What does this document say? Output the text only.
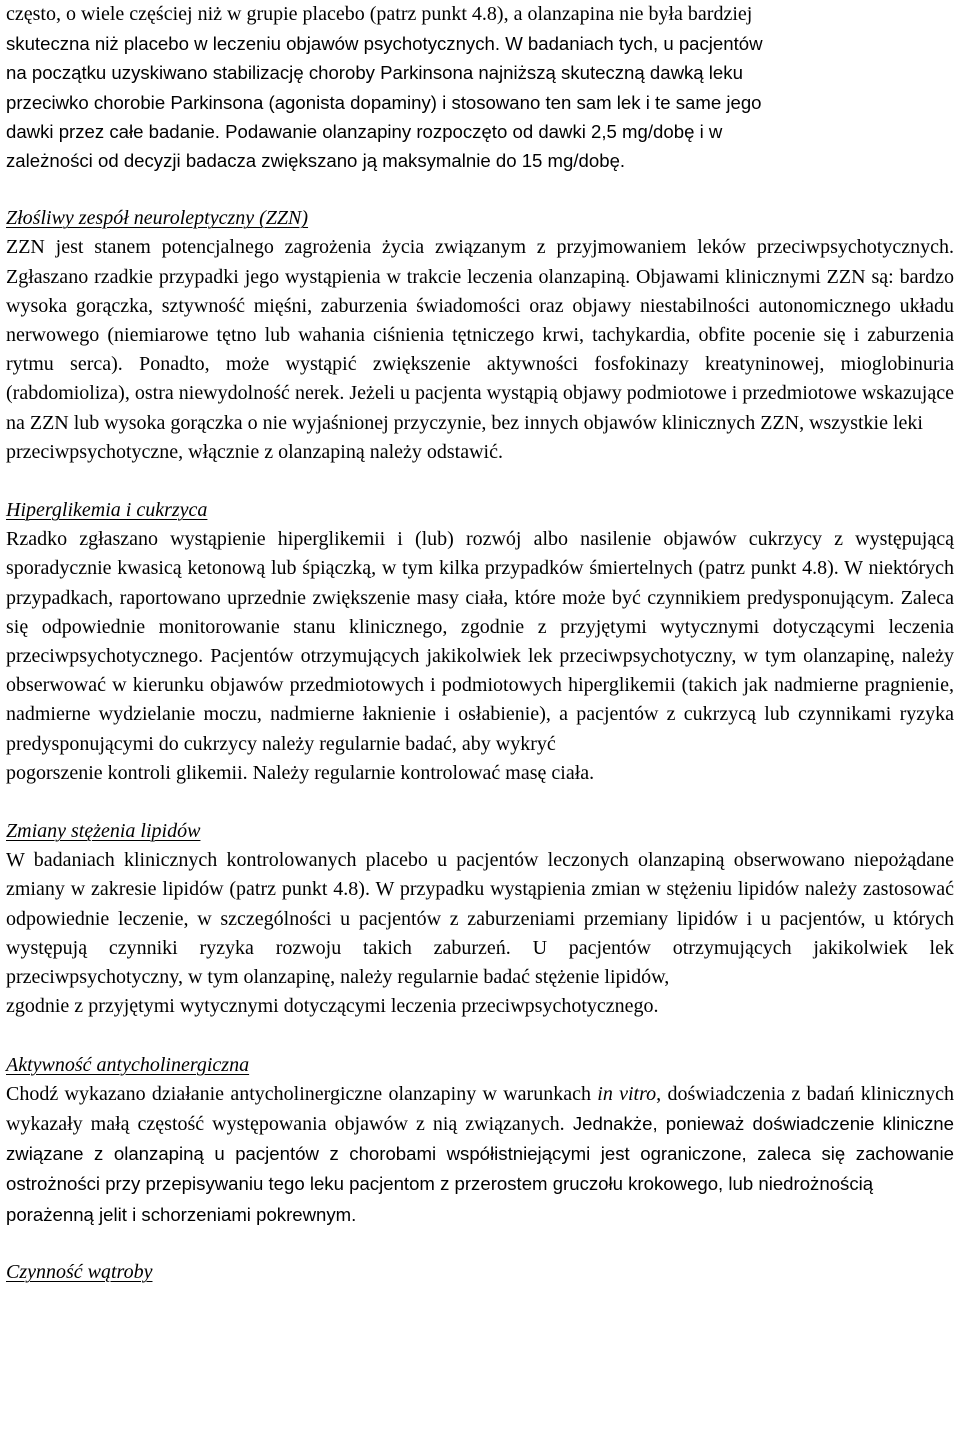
często, o wiele częściej niż w grupie placebo (patrz punkt 4.8), a olanzapina nie była bardziej

skuteczna niż placebo w leczeniu objawów psychotycznych. W badaniach tych, u pacjentów

na początku uzyskiwano stabilizację choroby Parkinsona najniższą skuteczną dawką leku

przeciwko chorobie Parkinsona (agonista dopaminy) i stosowano ten sam lek i te same jego

dawki przez całe badanie. Podawanie olanzapiny rozpoczęto od dawki 2,5 mg/dobę i w

zależności od decyzji badacza zwiększano ją maksymalnie do 15 mg/dobę.

Złośliwy zespół neuroleptyczny (ZZN)

ZZN jest stanem potencjalnego zagrożenia życia związanym z przyjmowaniem leków przeciwpsychotycznych. Zgłaszano rzadkie przypadki jego wystąpienia w trakcie leczenia olanzapiną. Objawami klinicznymi ZZN są: bardzo wysoka gorączka, sztywność mięśni, zaburzenia świadomości oraz objawy niestabilności autonomicznego układu nerwowego (niemiarowe tętno lub wahania ciśnienia tętniczego krwi, tachykardia, obfite pocenie się i zaburzenia rytmu serca). Ponadto, może wystąpić zwiększenie aktywności fosfokinazy kreatyninowej, mioglobinuria (rabdomioliza), ostra niewydolność nerek. Jeżeli u pacjenta wystąpią objawy podmiotowe i przedmiotowe wskazujące na ZZN lub wysoka gorączka o nie wyjaśnionej przyczynie, bez innych objawów klinicznych ZZN, wszystkie leki

przeciwpsychotyczne, włącznie z olanzapiną należy odstawić.

Hiperglikemia i cukrzyca

Rzadko zgłaszano wystąpienie hiperglikemii i (lub) rozwój albo nasilenie objawów cukrzycy z występującą sporadycznie kwasicą ketonową lub śpiączką, w tym kilka przypadków śmiertelnych (patrz punkt 4.8). W niektórych przypadkach, raportowano uprzednie zwiększenie masy ciała, które może być czynnikiem predysponującym. Zaleca się odpowiednie monitorowanie stanu klinicznego, zgodnie z przyjętymi wytycznymi dotyczącymi leczenia przeciwpsychotycznego. Pacjentów otrzymujących jakikolwiek lek przeciwpsychotyczny, w tym olanzapinę, należy obserwować w kierunku objawów przedmiotowych i podmiotowych hiperglikemii (takich jak nadmierne pragnienie, nadmierne wydzielanie moczu, nadmierne łaknienie i osłabienie), a pacjentów z cukrzycą lub czynnikami ryzyka predysponującymi do cukrzycy należy regularnie badać, aby wykryć

pogorszenie kontroli glikemii. Należy regularnie kontrolować masę ciała.

Zmiany stężenia lipidów

W badaniach klinicznych kontrolowanych placebo u pacjentów leczonych olanzapiną obserwowano niepożądane zmiany w zakresie lipidów (patrz punkt 4.8). W przypadku wystąpienia zmian w stężeniu lipidów należy zastosować odpowiednie leczenie, w szczególności u pacjentów z zaburzeniami przemiany lipidów i u pacjentów, u których występują czynniki ryzyka rozwoju takich zaburzeń. U pacjentów otrzymujących jakikolwiek lek przeciwpsychotyczny, w tym olanzapinę, należy regularnie badać stężenie lipidów,

zgodnie z przyjętymi wytycznymi dotyczącymi leczenia przeciwpsychotycznego.

Aktywność antycholinergiczna

Chodź wykazano działanie antycholinergiczne olanzapiny w warunkach in vitro, doświadczenia z badań klinicznych wykazały małą częstość występowania objawów z nią związanych. Jednakże, ponieważ doświadczenie kliniczne związane z olanzapiną u pacjentów z chorobami współistniejącymi jest ograniczone, zaleca się zachowanie ostrożności przy przepisywaniu tego leku pacjentom z przerostem gruczołu krokowego, lub niedrożnością

porażenną jelit i schorzeniami pokrewnym.

Czynność wątroby
